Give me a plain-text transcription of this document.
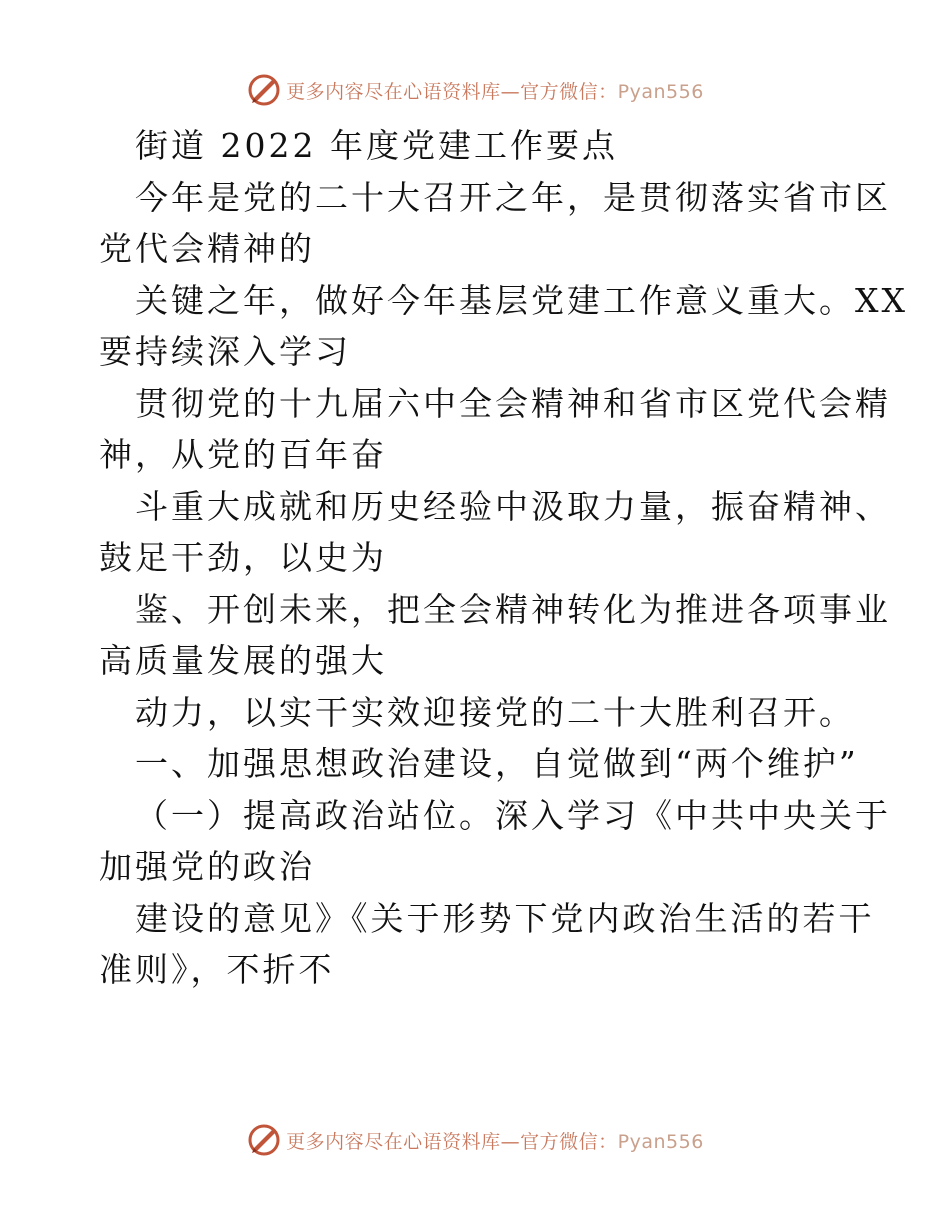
更多内容尽在心语资料库—官方微信：Pyan556
街道 2022 年度党建工作要点
今年是党的二十大召开之年，是贯彻落实省市区
党代会精神的
关键之年，做好今年基层党建工作意义重大。XX
要持续深入学习
贯彻党的十九届六中全会精神和省市区党代会精
神，从党的百年奋
斗重大成就和历史经验中汲取力量，振奋精神、
鼓足干劲，以史为
鉴、开创未来，把全会精神转化为推进各项事业
高质量发展的强大
动力，以实干实效迎接党的二十大胜利召开。
一、加强思想政治建设，自觉做到“两个维护”
（一）提高政治站位。深入学习《中共中央关于
加强党的政治
建设的意见》《关于形势下党内政治生活的若干
准则》，不折不
更多内容尽在心语资料库—官方微信：Pyan556
